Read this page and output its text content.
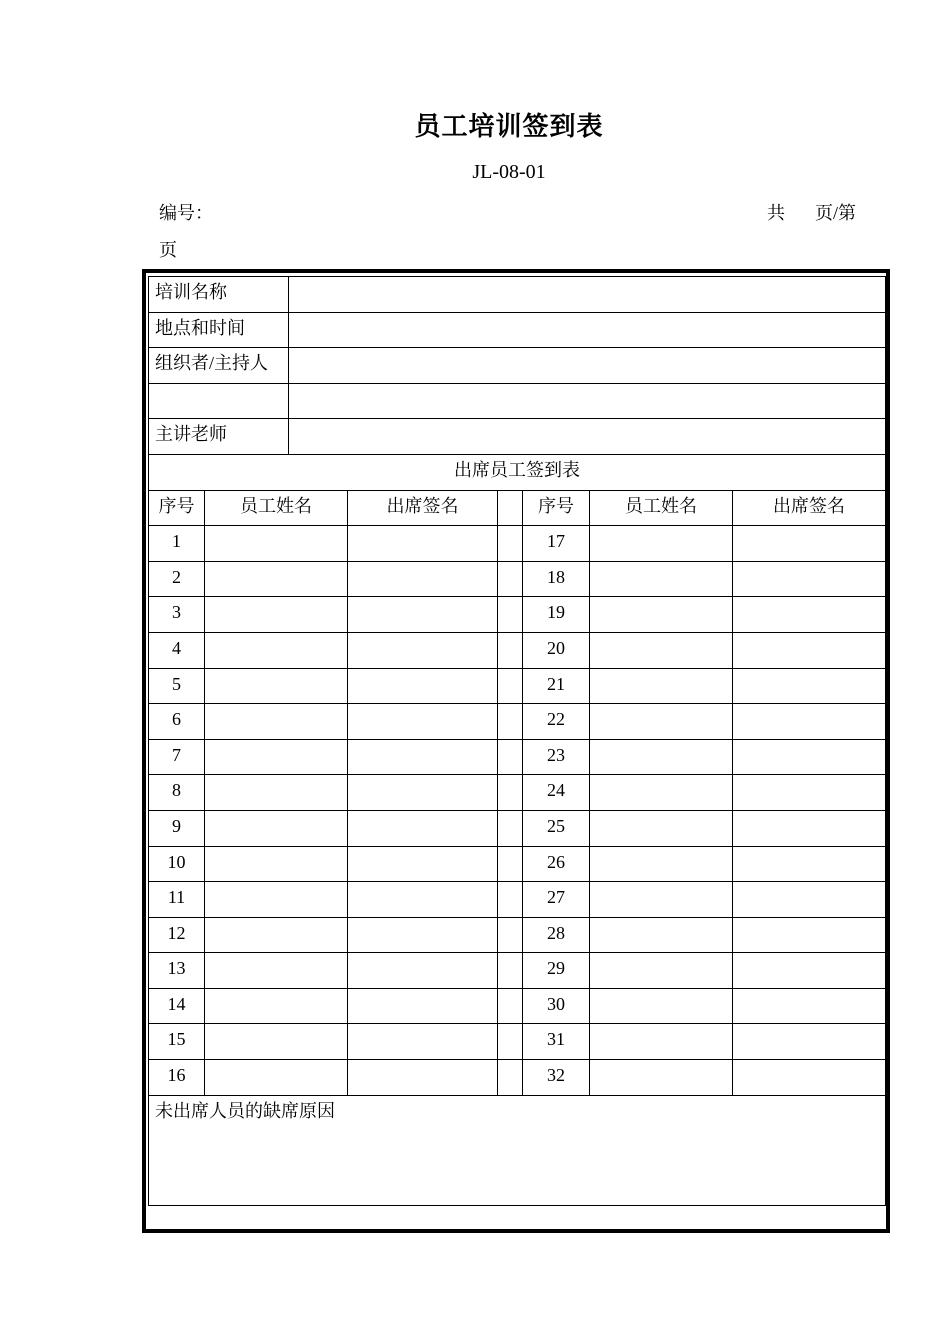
员工培训签到表
JL-08-01
编号：	共 页/第
页
培训名称							
地点和时间							
组织者/主持人							

主讲老师							
出席员工签到表							
序号	员工姓名		出席签名		序号	员工姓名	出席签名
1					17		
2					18		
3					19		
4					20		
5					21		
6					22		
7					23		
8					24		
9					25		
10					26		
11					27		
12					28		
13					29		
14					30		
15					31		
16					32		
未出席人员的缺席原因							
